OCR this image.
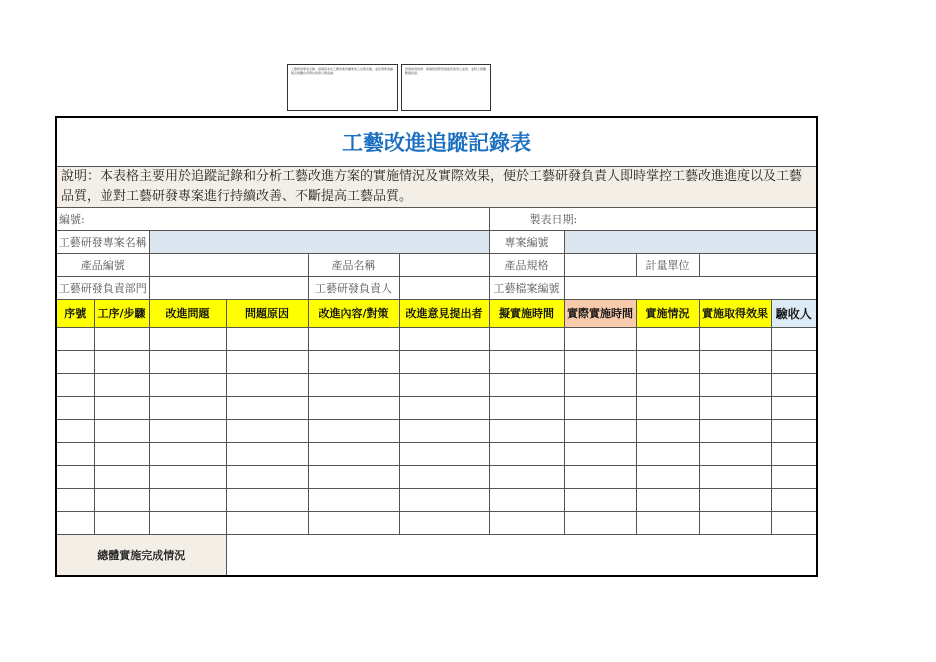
工藝研發專案名稱：請填寫本次工藝改進所屬專案之完整名稱，並註明專案編號及相關負責單位資訊以便查詢。
實施取得效果：請填寫實際實施後所取得之成效，並附上相關數據佐證。
工藝改進追蹤記錄表										
說明：本表格主要用於追蹤記錄和分析工藝改進方案的實施情況及實際效果，便於工藝研發負責人即時掌控工藝改進進度以及工藝品質，並對工藝研發專案進行持續改善、不斷提高工藝品質。										
編號:						製表日期:				
工藝研發專案名稱						專案編號				
產品編號				產品名稱		產品規格		計量單位		
工藝研發負責部門				工藝研發負責人		工藝檔案編號				
序號	工序/步驟	改進問題	問題原因	改進內容/對策	改進意見提出者	擬實施時間	實際實施時間	實施情況	實施取得效果	驗收人

總體實施完成情況										
